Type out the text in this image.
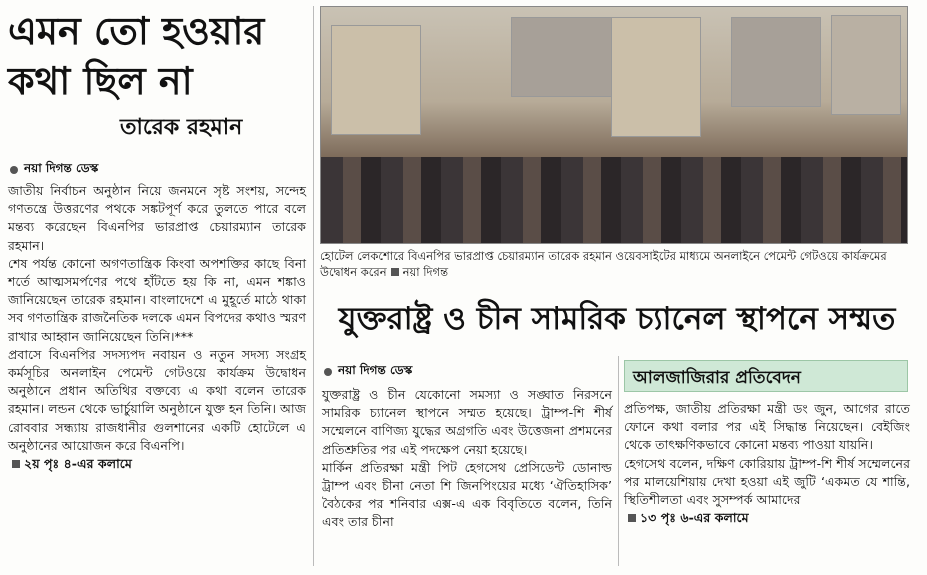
এমন তো হওয়ার
কথা ছিল না
তারেক রহমান
নয়া দিগন্ত ডেস্ক

জাতীয় নির্বাচন অনুষ্ঠান নিয়ে জনমনে সৃষ্ট সংশয়, সন্দেহ গণতন্ত্রে উত্তরণের পথকে সঙ্কটপূর্ণ করে তুলতে পারে বলে মন্তব্য করেছেন বিএনপির ভারপ্রাপ্ত চেয়ারম্যান তারেক রহমান।

শেষ পর্যন্ত কোনো অগণতান্ত্রিক কিংবা অপশক্তির কাছে বিনা শর্তে আত্মসমর্পণের পথে হাঁটতে হয় কি না, এমন শঙ্কাও জানিয়েছেন তারেক রহমান। বাংলাদেশে এ মুহূর্তে মাঠে থাকা সব গণতান্ত্রিক রাজনৈতিক দলকে এমন বিপদের কথাও স্মরণ রাখার আহ্বান জানিয়েছেন তিনি।***

প্রবাসে বিএনপির সদস্যপদ নবায়ন ও নতুন সদস্য সংগ্রহ কর্মসূচির অনলাইন পেমেন্ট গেটওয়ে কার্যক্রম উদ্বোধন অনুষ্ঠানে প্রধান অতিথির বক্তব্যে এ কথা বলেন তারেক রহমান। লন্ডন থেকে ভার্চুয়ালি অনুষ্ঠানে যুক্ত হন তিনি। আজ রোববার সন্ধ্যায় রাজধানীর গুলশানের একটি হোটেলে এ অনুষ্ঠানের আয়োজন করে বিএনপি।

২য় পৃঃ ৪-এর কলামে

হোটেল লেকশোরে বিএনপির ভারপ্রাপ্ত চেয়ারম্যান তারেক রহমান ওয়েবসাইটের মাধ্যমে অনলাইনে পেমেন্ট গেটওয়ে কার্যক্রমের উদ্বোধন করেন নয়া দিগন্ত
যুক্তরাষ্ট্র ও চীন সামরিক চ্যানেল স্থাপনে সম্মত
নয়া দিগন্ত ডেস্ক

যুক্তরাষ্ট্র ও চীন যেকোনো সমস্যা ও সঙ্ঘাত নিরসনে সামরিক চ্যানেল স্থাপনে সম্মত হয়েছে। ট্রাম্প-শি শীর্ষ সম্মেলনে বাণিজ্য যুদ্ধের অগ্রগতি এবং উত্তেজনা প্রশমনের প্রতিশ্রুতির পর এই পদক্ষেপ নেয়া হয়েছে।

মার্কিন প্রতিরক্ষা মন্ত্রী পিট হেগসেথ প্রেসিডেন্ট ডোনাল্ড ট্রাম্প এবং চীনা নেতা শি জিনপিংয়ের মধ্যে ‘ঐতিহাসিক’ বৈঠকের পর শনিবার এক্স-এ এক বিবৃতিতে বলেন, তিনি এবং তার চীনা

আলজাজিরার প্রতিবেদন

প্রতিপক্ষ, জাতীয় প্রতিরক্ষা মন্ত্রী ডং জুন, আগের রাতে ফোনে কথা বলার পর এই সিদ্ধান্ত নিয়েছেন। বেইজিং থেকে তাৎক্ষণিকভাবে কোনো মন্তব্য পাওয়া যায়নি।

হেগসেথ বলেন, দক্ষিণ কোরিয়ায় ট্রাম্প-শি শীর্ষ সম্মেলনের পর মালয়েশিয়ায় দেখা হওয়া এই জুটি ‘একমত যে শান্তি, স্থিতিশীলতা এবং সুসম্পর্ক আমাদের

১৩ পৃঃ ৬-এর কলামে
